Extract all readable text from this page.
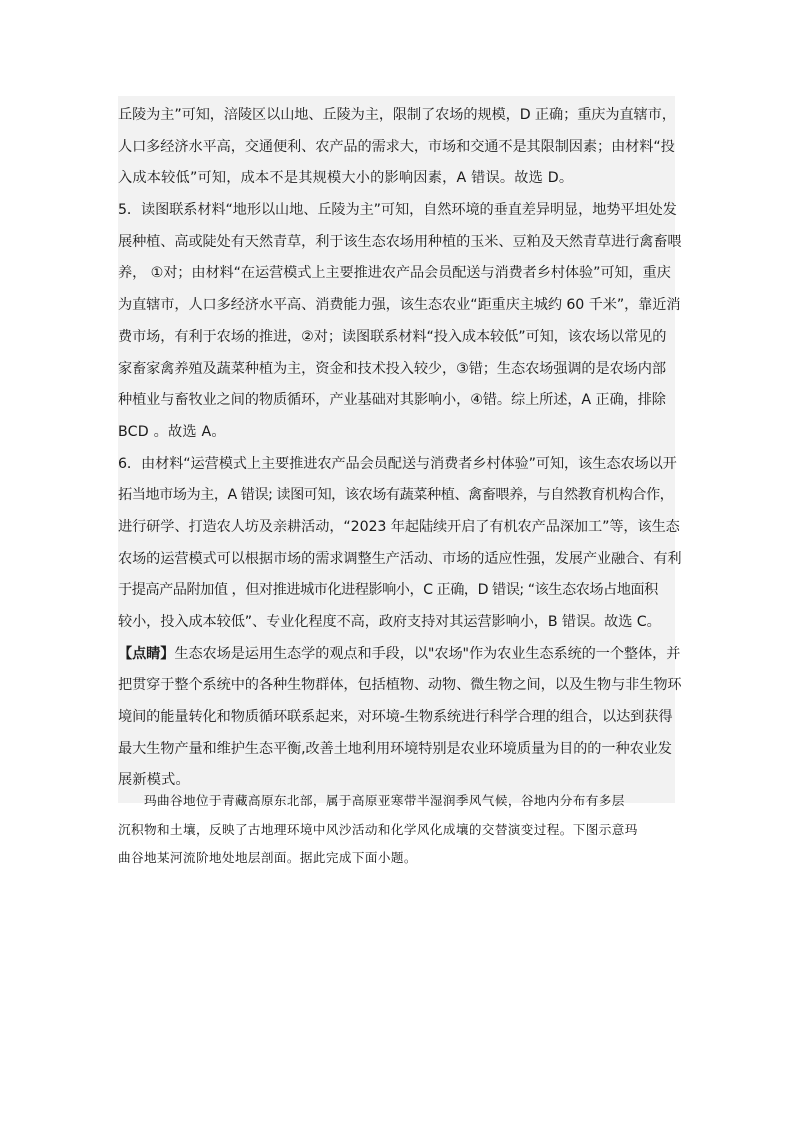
丘陵为主”可知，涪陵区以山地、丘陵为主，限制了农场的规模，D 正确；重庆为直辖市，
人口多经济水平高，交通便利、农产品的需求大，市场和交通不是其限制因素；由材料“投
入成本较低”可知，成本不是其规模大小的影响因素，A 错误。故选 D。
5．读图联系材料“地形以山地、丘陵为主”可知，自然环境的垂直差异明显，地势平坦处发
展种植、高或陡处有天然青草，利于该生态农场用种植的玉米、豆粕及天然青草进行禽畜喂
养， ①对；由材料“在运营模式上主要推进农产品会员配送与消费者乡村体验”可知，重庆
为直辖市，人口多经济水平高、消费能力强，该生态农业“距重庆主城约 60 千米”，靠近消
费市场，有利于农场的推进，②对；读图联系材料“投入成本较低”可知，该农场以常见的
家畜家禽养殖及蔬菜种植为主，资金和技术投入较少，③错；生态农场强调的是农场内部
种植业与畜牧业之间的物质循环，产业基础对其影响小，④错。综上所述，A 正确，排除
BCD 。故选 A。
6．由材料“运营模式上主要推进农产品会员配送与消费者乡村体验”可知，该生态农场以开
拓当地市场为主，A 错误; 读图可知，该农场有蔬菜种植、禽畜喂养，与自然教育机构合作，
进行研学、打造农人坊及亲耕活动，“2023 年起陆续开启了有机农产品深加工”等，该生态
农场的运营模式可以根据市场的需求调整生产活动、市场的适应性强，发展产业融合、有利
于提高产品附加值 ，但对推进城市化进程影响小，C 正确，D 错误; “该生态农场占地面积
较小，投入成本较低”、专业化程度不高，政府支持对其运营影响小，B 错误。故选 C。
【点睛】生态农场是运用生态学的观点和手段，以"农场"作为农业生态系统的一个整体，并
把贯穿于整个系统中的各种生物群体，包括植物、动物、微生物之间，以及生物与非生物环
境间的能量转化和物质循环联系起来，对环境-生物系统进行科学合理的组合，以达到获得
最大生物产量和维护生态平衡,改善土地利用环境特别是农业环境质量为目的的一种农业发
展新模式。
玛曲谷地位于青藏高原东北部，属于高原亚寒带半湿润季风气候，谷地内分布有多层
沉积物和土壤，反映了古地理环境中风沙活动和化学风化成壤的交替演变过程。下图示意玛
曲谷地某河流阶地处地层剖面。据此完成下面小题。
